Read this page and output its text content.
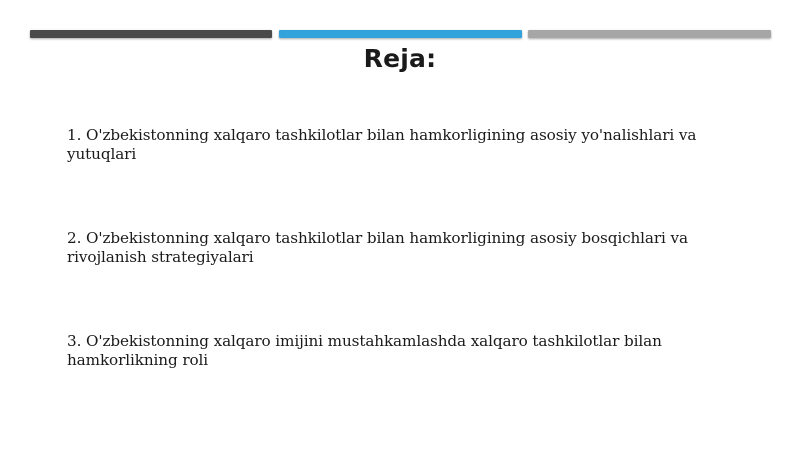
Reja:
1. O'zbekistonning xalqaro tashkilotlar bilan hamkorligining asosiy yo'nalishlari va yutuqlari
2. O'zbekistonning xalqaro tashkilotlar bilan hamkorligining asosiy bosqichlari va rivojlanish strategiyalari
3. O'zbekistonning xalqaro imijini mustahkamlashda xalqaro tashkilotlar bilan hamkorlikning roli
